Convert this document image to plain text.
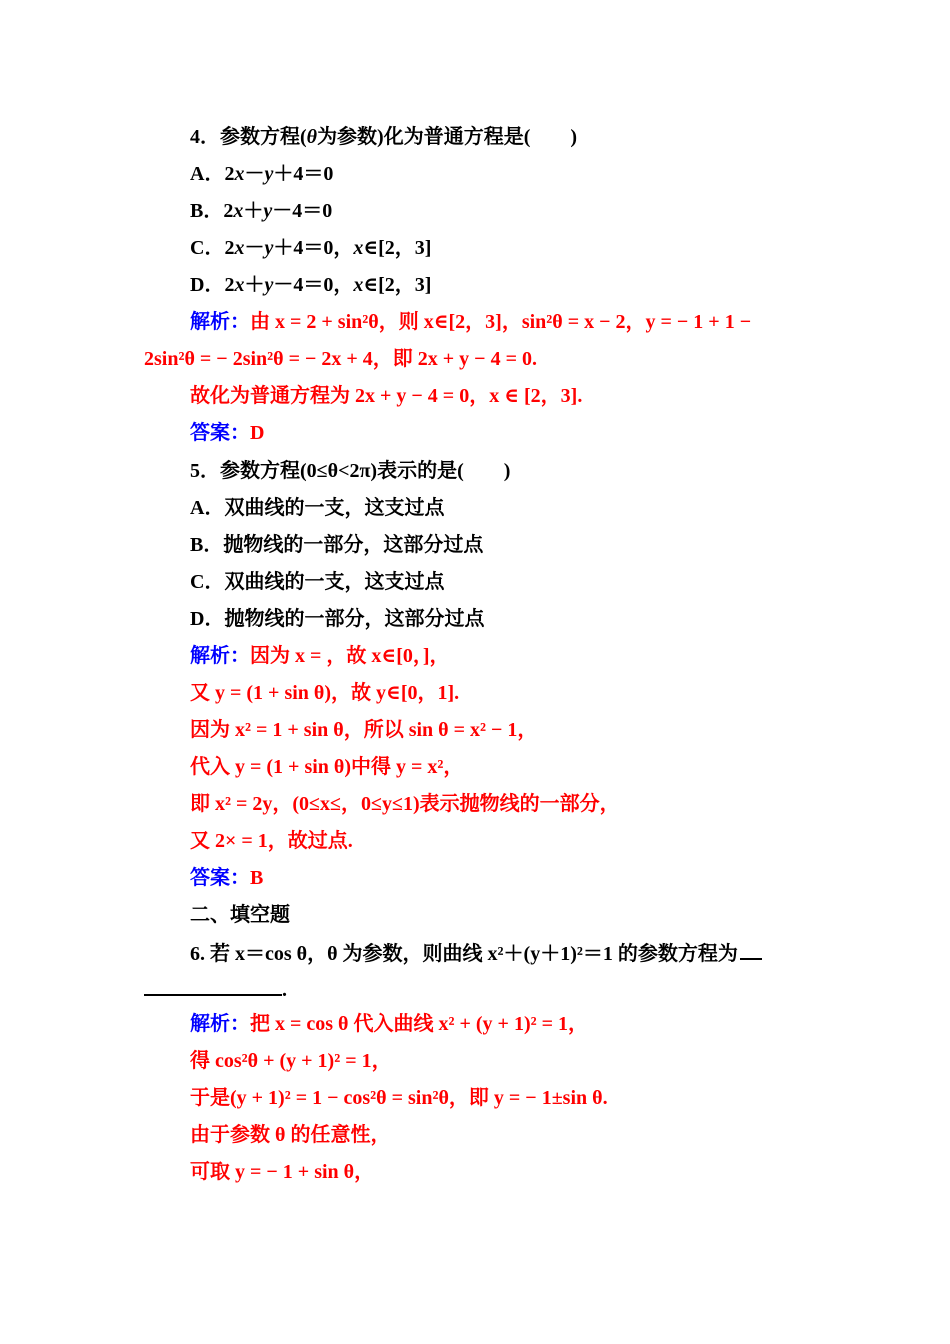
4．参数方程(θ为参数)化为普通方程是( )
A．2x－y＋4＝0
B．2x＋y－4＝0
C．2x－y＋4＝0，x∈[2，3]
D．2x＋y－4＝0，x∈[2，3]
解析：由 x = 2 + sin²θ，则 x∈[2，3]，sin²θ = x − 2，y = − 1 + 1 −
2sin²θ = − 2sin²θ = − 2x + 4，即 2x + y − 4 = 0.
故化为普通方程为 2x + y − 4 = 0，x ∈ [2，3].
答案：D
5．参数方程(0≤θ<2π)表示的是( )
A．双曲线的一支，这支过点
B．抛物线的一部分，这部分过点
C．双曲线的一支，这支过点
D．抛物线的一部分，这部分过点
解析：因为 x = ，故 x∈[0，]，
又 y = (1 + sin θ)，故 y∈[0，1].
因为 x² = 1 + sin θ，所以 sin θ = x² − 1，
代入 y = (1 + sin θ)中得 y = x²，
即 x² = 2y，(0≤x≤，0≤y≤1)表示抛物线的一部分，
又 2× = 1，故过点.
答案：B
二、填空题
6. 若 x＝cos θ，θ 为参数，则曲线 x²＋(y＋1)²＝1 的参数方程为
.
解析：把 x = cos θ 代入曲线 x² + (y + 1)² = 1，
得 cos²θ + (y + 1)² = 1，
于是(y + 1)² = 1 − cos²θ = sin²θ，即 y = − 1±sin θ.
由于参数 θ 的任意性，
可取 y = − 1 + sin θ，
